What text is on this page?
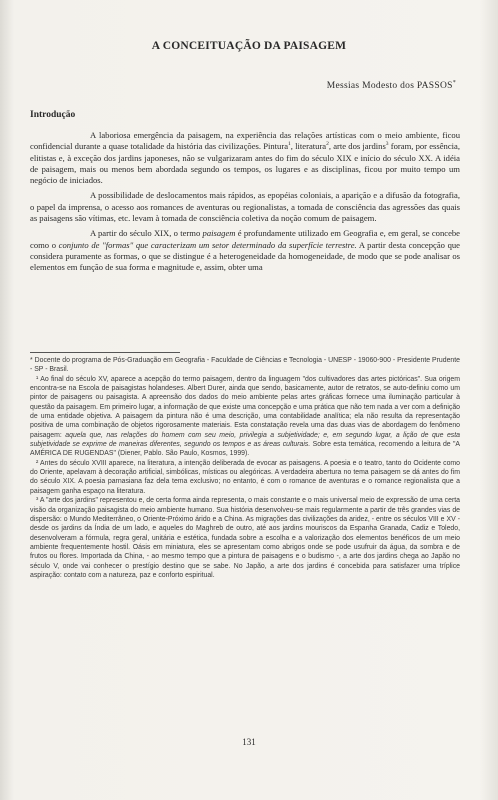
A CONCEITUAÇÃO DA PAISAGEM
Messias Modesto dos PASSOS*
Introdução

A laboriosa emergência da paisagem, na experiência das relações artísticas com o meio ambiente, ficou confidencial durante a quase totalidade da história das civilizações. Pintura$^1$, literatura$^2$, arte dos jardins$^3$ foram, por essência, elitistas e, à exceção dos jardins japoneses, não se vulgarizaram antes do fim do século XIX e início do século XX. A idéia de paisagem, mais ou menos bem abordada segundo os tempos, os lugares e as disciplinas, ficou por muito tempo um negócio de iniciados.

A possibilidade de deslocamentos mais rápidos, as epopéias coloniais, a aparição e a difusão da fotografia, o papel da imprensa, o acesso aos romances de aventuras ou regionalistas, a tomada de consciência das agressões das quais as paisagens são vítimas, etc. levam à tomada de consciência coletiva da noção comum de paisagem.

A partir do século XIX, o termo paisagem é profundamente utilizado em Geografia e, em geral, se concebe como o conjunto de "formas" que caracterizam um setor determinado da superfície terrestre. A partir desta concepção que considera puramente as formas, o que se distingue é a heterogeneidade da homogeneidade, de modo que se pode analisar os elementos em função de sua forma e magnitude e, assim, obter uma

* Docente do programa de Pós-Graduação em Geografia - Faculdade de Ciências e Tecnologia - UNESP - 19060-900 - Presidente Prudente - SP - Brasil.

¹ Ao final do século XV, aparece a acepção do termo paisagem, dentro da linguagem "dos cultivadores das artes pictóricas". Sua origem encontra-se na Escola de paisagistas holandeses. Albert Durer, ainda que sendo, basicamente, autor de retratos, se auto-definiu como um pintor de paisagens ou paisagista. A apreensão dos dados do meio ambiente pelas artes gráficas fornece uma iluminação particular à questão da paisagem. Em primeiro lugar, a informação de que existe uma concepção e uma prática que não tem nada a ver com a definição de uma entidade objetiva. A paisagem da pintura não é uma descrição, uma contabilidade analítica; ela não resulta da representação positiva de uma combinação de objetos rigorosamente materiais. Esta constatação revela uma das duas vias de abordagem do fenômeno paisagem: aquela que, nas relações do homem com seu meio, privilegia a subjetividade; e, em segundo lugar, a lição de que esta subjetividade se exprime de maneiras diferentes, segundo os tempos e as áreas culturais. Sobre esta temática, recomendo a leitura de "A AMÉRICA DE RUGENDAS" (Diener, Pablo. São Paulo, Kosmos, 1999).

² Antes do século XVIII aparece, na literatura, a intenção deliberada de evocar as paisagens. A poesia e o teatro, tanto do Ocidente como do Oriente, apelavam à decoração artificial, simbólicas, místicas ou alegóricas. A verdadeira abertura no tema paisagem se dá antes do fim do século XIX. A poesia parnasiana faz dela tema exclusivo; no entanto, é com o romance de aventuras e o romance regionalista que a paisagem ganha espaço na literatura.

³ A "arte dos jardins" representou e, de certa forma ainda representa, o mais constante e o mais universal meio de expressão de uma certa visão da organização paisagista do meio ambiente humano. Sua história desenvolveu-se mais regularmente a partir de três grandes vias de dispersão: o Mundo Mediterrâneo, o Oriente-Próximo árido e a China. As migrações das civilizações da aridez, - entre os séculos VIII e XV - desde os jardins da Índia de um lado, e aqueles do Maghreb de outro, até aos jardins mouriscos da Espanha Granada, Cadiz e Toledo, desenvolveram a fórmula, regra geral, unitária e estética, fundada sobre a escolha e a valorização dos elementos benéficos de um meio ambiente frequentemente hostil. Oásis em miniatura, eles se apresentam como abrigos onde se pode usufruir da água, da sombra e de frutos ou flores. Importada da China, - ao mesmo tempo que a pintura de paisagens e o budismo -, a arte dos jardins chega ao Japão no século V, onde vai conhecer o prestígio destino que se sabe. No Japão, a arte dos jardins é concebida para satisfazer uma tríplice aspiração: contato com a natureza, paz e conforto espiritual.

131
